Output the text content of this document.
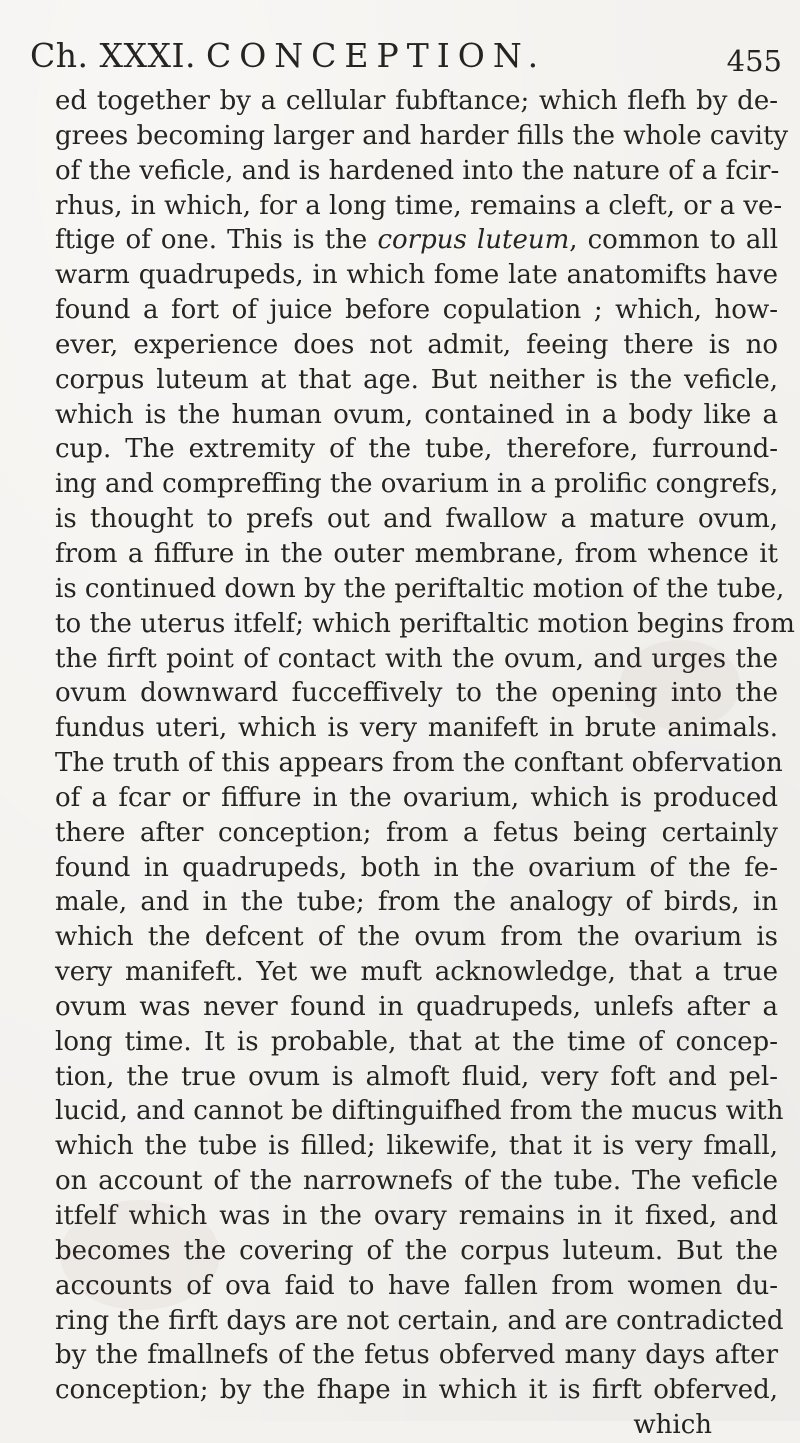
Ch. XXXI. CONCEPTION.	455
ed together by a cellular fubftance; which flefh by de-
grees becoming larger and harder fills the whole cavity
of the veficle, and is hardened into the nature of a fcir-
rhus, in which, for a long time, remains a cleft, or a ve-
ftige of one. This is the corpus luteum, common to all
warm quadrupeds, in which fome late anatomifts have
found a fort of juice before copulation ; which, how-
ever, experience does not admit, feeing there is no
corpus luteum at that age. But neither is the veficle,
which is the human ovum, contained in a body like a
cup. The extremity of the tube, therefore, furround-
ing and compreffing the ovarium in a prolific congrefs,
is thought to prefs out and fwallow a mature ovum,
from a fiffure in the outer membrane, from whence it
is continued down by the periftaltic motion of the tube,
to the uterus itfelf; which periftaltic motion begins from
the firft point of contact with the ovum, and urges the
ovum downward fucceffively to the opening into the
fundus uteri, which is very manifeft in brute animals.
The truth of this appears from the conftant obfervation
of a fcar or fiffure in the ovarium, which is produced
there after conception; from a fetus being certainly
found in quadrupeds, both in the ovarium of the fe-
male, and in the tube; from the analogy of birds, in
which the defcent of the ovum from the ovarium is
very manifeft. Yet we muft acknowledge, that a true
ovum was never found in quadrupeds, unlefs after a
long time. It is probable, that at the time of concep-
tion, the true ovum is almoft fluid, very foft and pel-
lucid, and cannot be diftinguifhed from the mucus with
which the tube is filled; likewife, that it is very fmall,
on account of the narrownefs of the tube. The veficle
itfelf which was in the ovary remains in it fixed, and
becomes the covering of the corpus luteum. But the
accounts of ova faid to have fallen from women du-
ring the firft days are not certain, and are contradicted
by the fmallnefs of the fetus obferved many days after
conception; by the fhape in which it is firft obferved,
which
